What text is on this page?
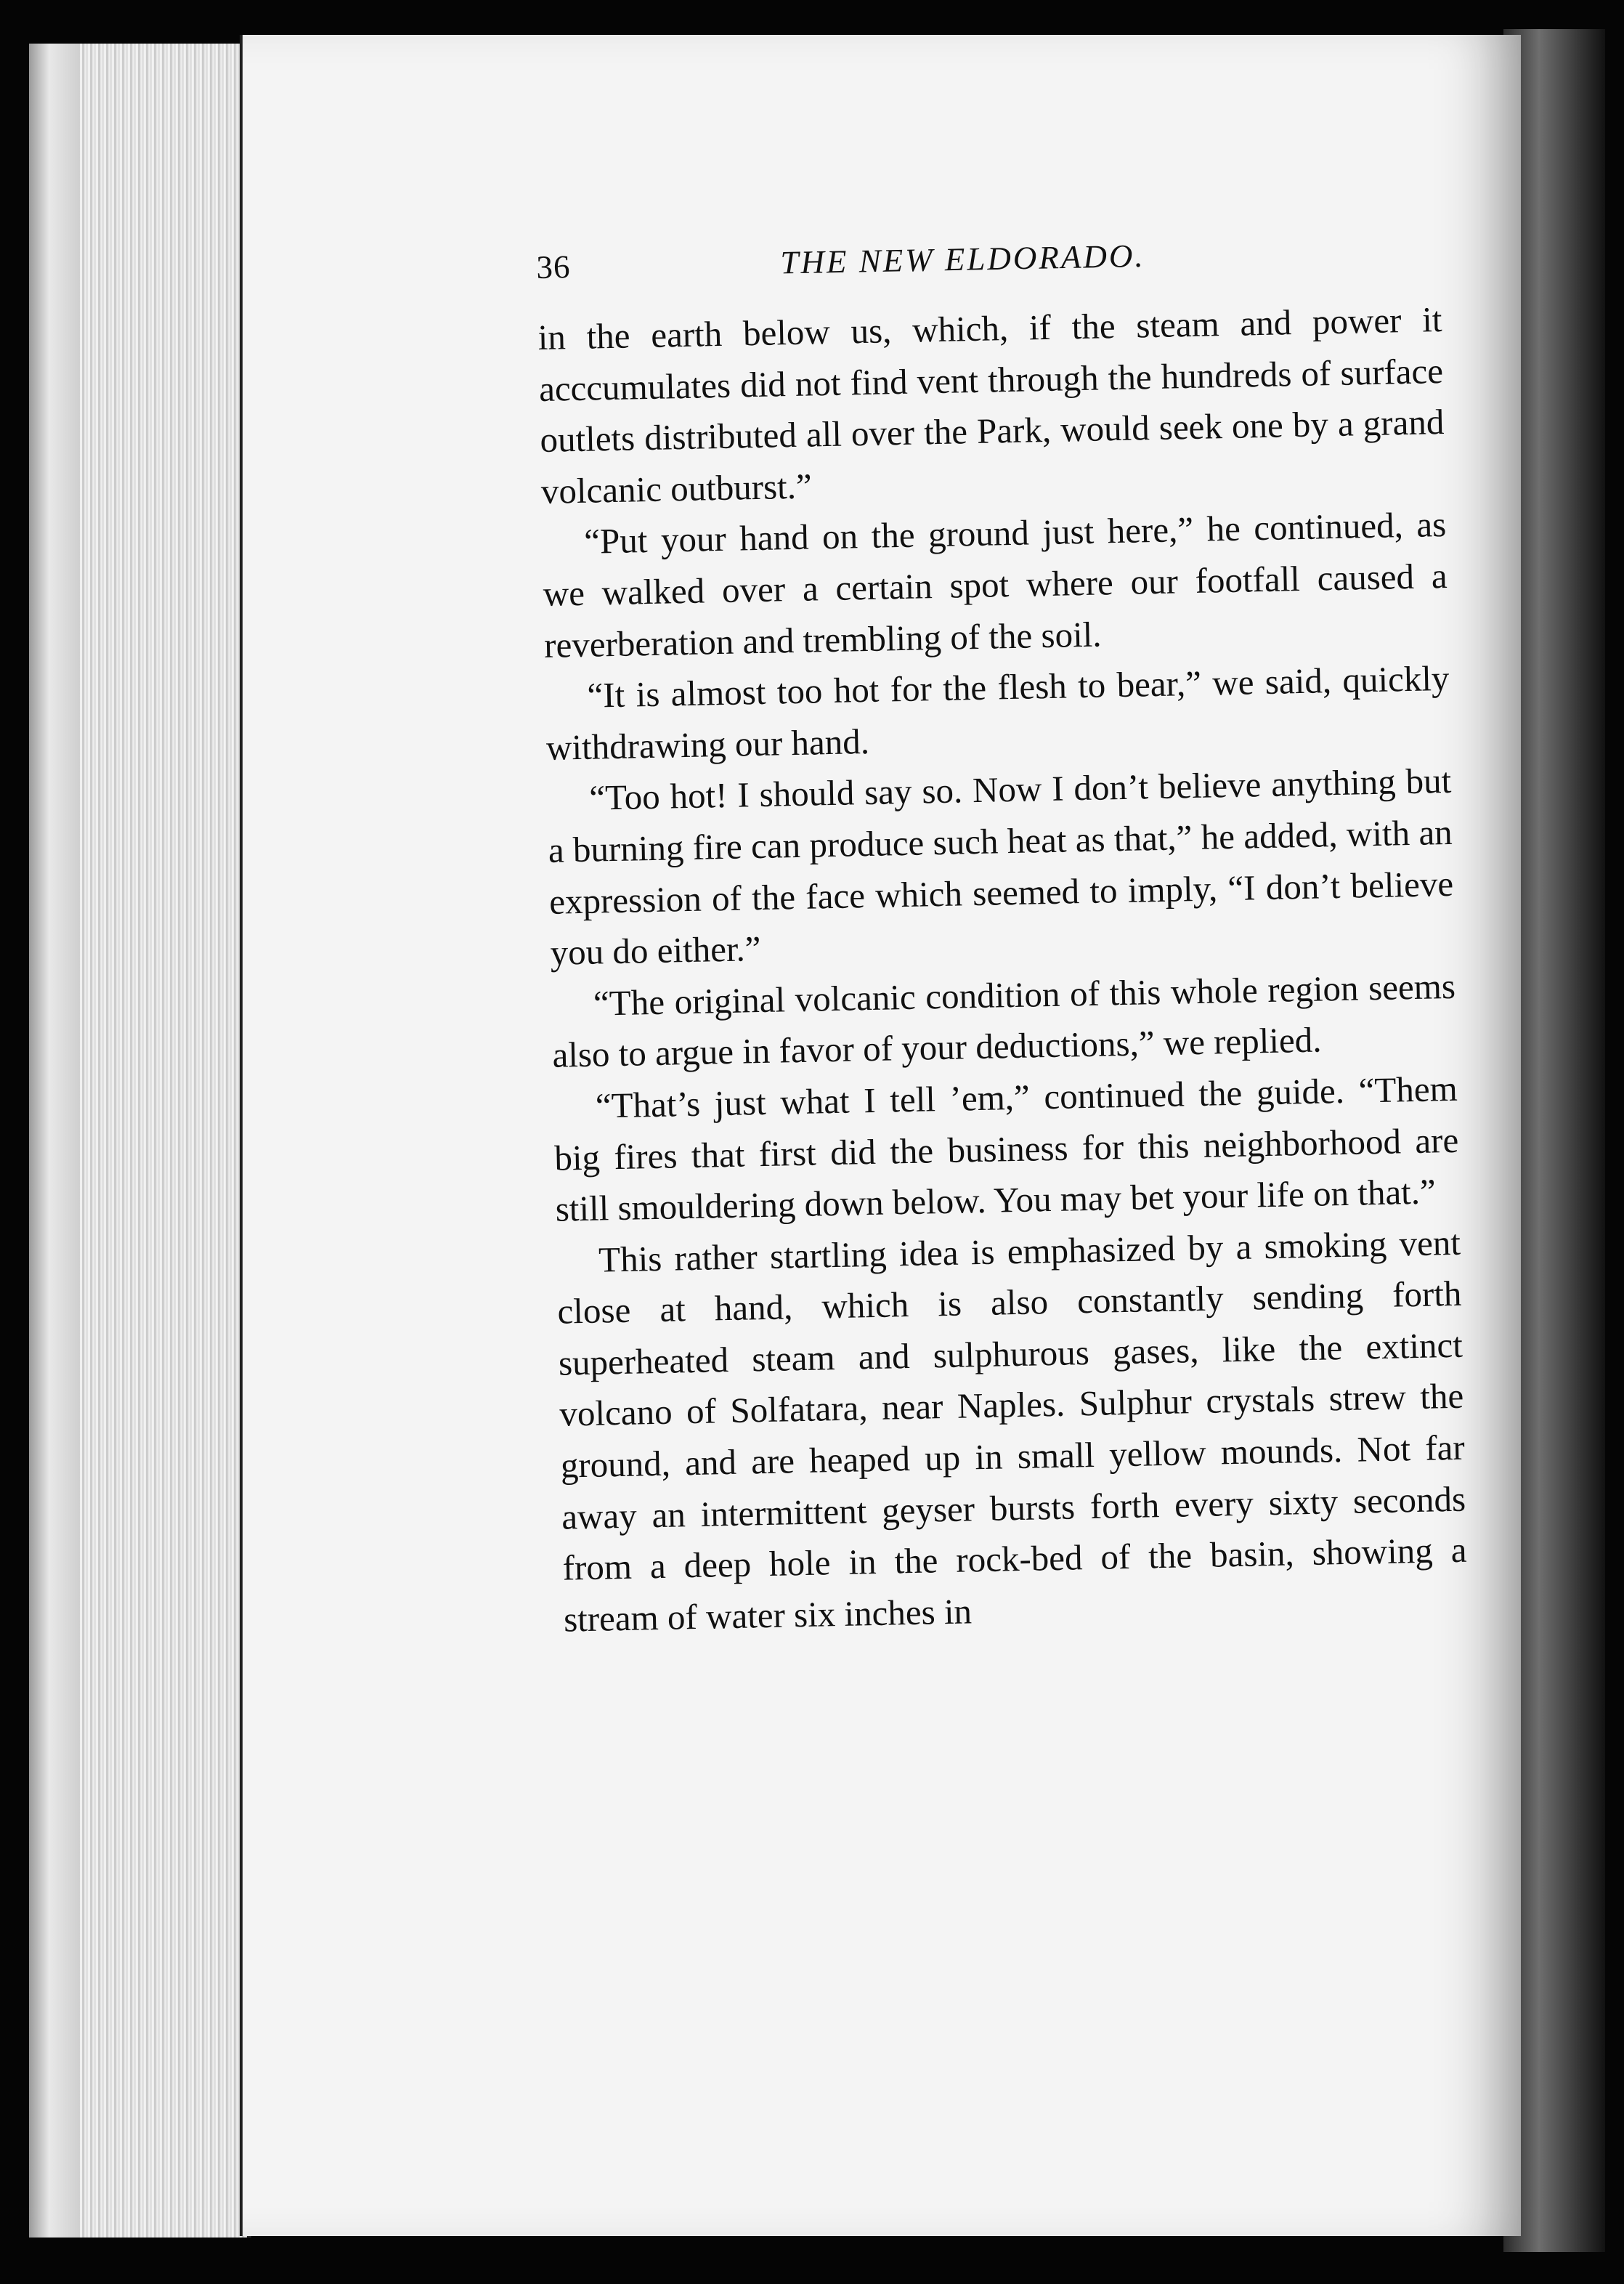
36	THE NEW ELDORADO.

in the earth below us, which, if the steam and power it acccumulates did not find vent through the hundreds of surface outlets distributed all over the Park, would seek one by a grand volcanic outburst.”

“Put your hand on the ground just here,” he continued, as we walked over a certain spot where our footfall caused a reverberation and trembling of the soil.

“It is almost too hot for the flesh to bear,” we said, quickly withdrawing our hand.

“Too hot! I should say so. Now I don’t believe anything but a burning fire can produce such heat as that,” he added, with an expression of the face which seemed to imply, “I don’t believe you do either.”

“The original volcanic condition of this whole region seems also to argue in favor of your deductions,” we replied.

“That’s just what I tell ’em,” continued the guide. “Them big fires that first did the business for this neighborhood are still smouldering down below. You may bet your life on that.”

This rather startling idea is emphasized by a smoking vent close at hand, which is also constantly sending forth superheated steam and sulphurous gases, like the extinct volcano of Solfatara, near Naples. Sulphur crystals strew the ground, and are heaped up in small yellow mounds. Not far away an intermittent geyser bursts forth every sixty seconds from a deep hole in the rock-bed of the basin, showing a stream of water six inches in
